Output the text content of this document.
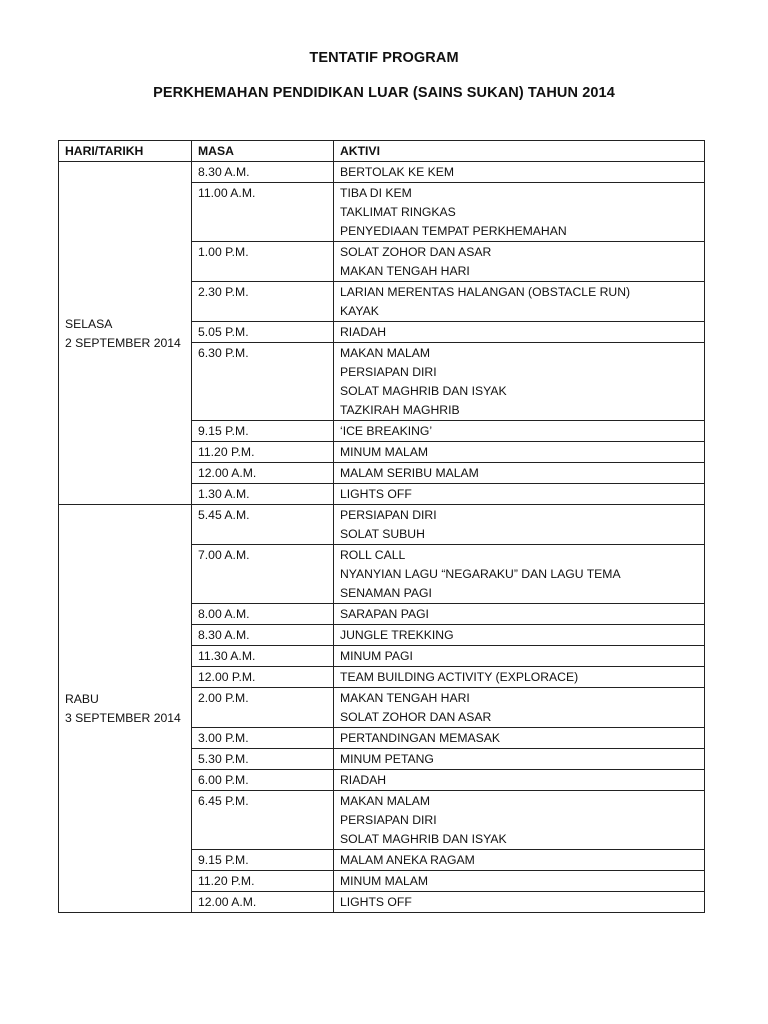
TENTATIF PROGRAM
PERKHEMAHAN PENDIDIKAN LUAR (SAINS SUKAN) TAHUN 2014
HARI/TARIKH	MASA	AKTIVI

SELASA
2 SEPTEMBER 2014	8.30 A.M.	BERTOLAK KE KEM

	11.00 A.M.	TIBA DI KEM
TAKLIMAT RINGKAS
PENYEDIAAN TEMPAT PERKHEMAHAN

	1.00 P.M.	SOLAT ZOHOR DAN ASAR
MAKAN TENGAH HARI

	2.30 P.M.	LARIAN MERENTAS HALANGAN (OBSTACLE RUN)
KAYAK

	5.05 P.M.	RIADAH

	6.30 P.M.	MAKAN MALAM
PERSIAPAN DIRI
SOLAT MAGHRIB DAN ISYAK
TAZKIRAH MAGHRIB

	9.15 P.M.	‘ICE BREAKING’

	11.20 P.M.	MINUM MALAM

	12.00 A.M.	MALAM SERIBU MALAM

	1.30 A.M.	LIGHTS OFF

RABU
3 SEPTEMBER 2014	5.45 A.M.	PERSIAPAN DIRI
SOLAT SUBUH

	7.00 A.M.	ROLL CALL
NYANYIAN LAGU “NEGARAKU” DAN LAGU TEMA
SENAMAN PAGI

	8.00 A.M.	SARAPAN PAGI

	8.30 A.M.	JUNGLE TREKKING

	11.30 A.M.	MINUM PAGI

	12.00 P.M.	TEAM BUILDING ACTIVITY (EXPLORACE)

	2.00 P.M.	MAKAN TENGAH HARI
SOLAT ZOHOR DAN ASAR

	3.00 P.M.	PERTANDINGAN MEMASAK

	5.30 P.M.	MINUM PETANG

	6.00 P.M.	RIADAH

	6.45 P.M.	MAKAN MALAM
PERSIAPAN DIRI
SOLAT MAGHRIB DAN ISYAK

	9.15 P.M.	MALAM ANEKA RAGAM

	11.20 P.M.	MINUM MALAM

	12.00 A.M.	LIGHTS OFF
